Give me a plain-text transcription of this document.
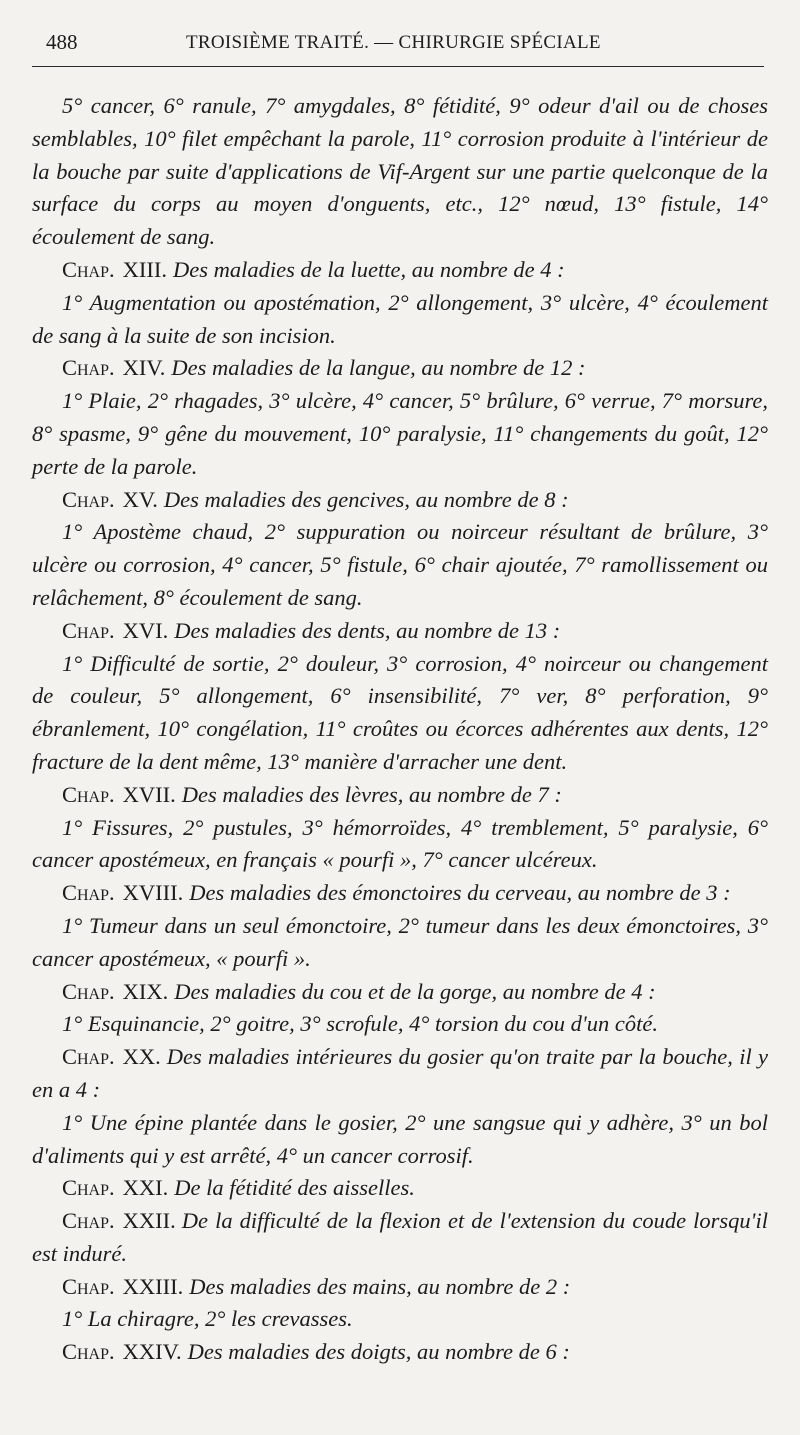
488	TROISIÈME TRAITÉ. — CHIRURGIE SPÉCIALE

5° cancer, 6° ranule, 7° amygdales, 8° fétidité, 9° odeur d'ail ou de choses semblables, 10° filet empêchant la parole, 11° corrosion produite à l'intérieur de la bouche par suite d'applications de Vif-Argent sur une partie quelconque de la surface du corps au moyen d'onguents, etc., 12° nœud, 13° fistule, 14° écoulement de sang.

Chap. XIII. Des maladies de la luette, au nombre de 4 :

1° Augmentation ou apostémation, 2° allongement, 3° ulcère, 4° écoulement de sang à la suite de son incision.

Chap. XIV. Des maladies de la langue, au nombre de 12 :

1° Plaie, 2° rhagades, 3° ulcère, 4° cancer, 5° brûlure, 6° verrue, 7° morsure, 8° spasme, 9° gêne du mouvement, 10° paralysie, 11° changements du goût, 12° perte de la parole.

Chap. XV. Des maladies des gencives, au nombre de 8 :

1° Apostème chaud, 2° suppuration ou noirceur résultant de brûlure, 3° ulcère ou corrosion, 4° cancer, 5° fistule, 6° chair ajoutée, 7° ramollissement ou relâchement, 8° écoulement de sang.

Chap. XVI. Des maladies des dents, au nombre de 13 :

1° Difficulté de sortie, 2° douleur, 3° corrosion, 4° noirceur ou changement de couleur, 5° allongement, 6° insensibilité, 7° ver, 8° perforation, 9° ébranlement, 10° congélation, 11° croûtes ou écorces adhérentes aux dents, 12° fracture de la dent même, 13° manière d'arracher une dent.

Chap. XVII. Des maladies des lèvres, au nombre de 7 :

1° Fissures, 2° pustules, 3° hémorroïdes, 4° tremblement, 5° paralysie, 6° cancer apostémeux, en français « pourfi », 7° cancer ulcéreux.

Chap. XVIII. Des maladies des émonctoires du cerveau, au nombre de 3 :

1° Tumeur dans un seul émonctoire, 2° tumeur dans les deux émonctoires, 3° cancer apostémeux, « pourfi ».

Chap. XIX. Des maladies du cou et de la gorge, au nombre de 4 :

1° Esquinancie, 2° goitre, 3° scrofule, 4° torsion du cou d'un côté.

Chap. XX. Des maladies intérieures du gosier qu'on traite par la bouche, il y en a 4 :

1° Une épine plantée dans le gosier, 2° une sangsue qui y adhère, 3° un bol d'aliments qui y est arrêté, 4° un cancer corrosif.

Chap. XXI. De la fétidité des aisselles.

Chap. XXII. De la difficulté de la flexion et de l'extension du coude lorsqu'il est induré.

Chap. XXIII. Des maladies des mains, au nombre de 2 :

1° La chiragre, 2° les crevasses.

Chap. XXIV. Des maladies des doigts, au nombre de 6 :
